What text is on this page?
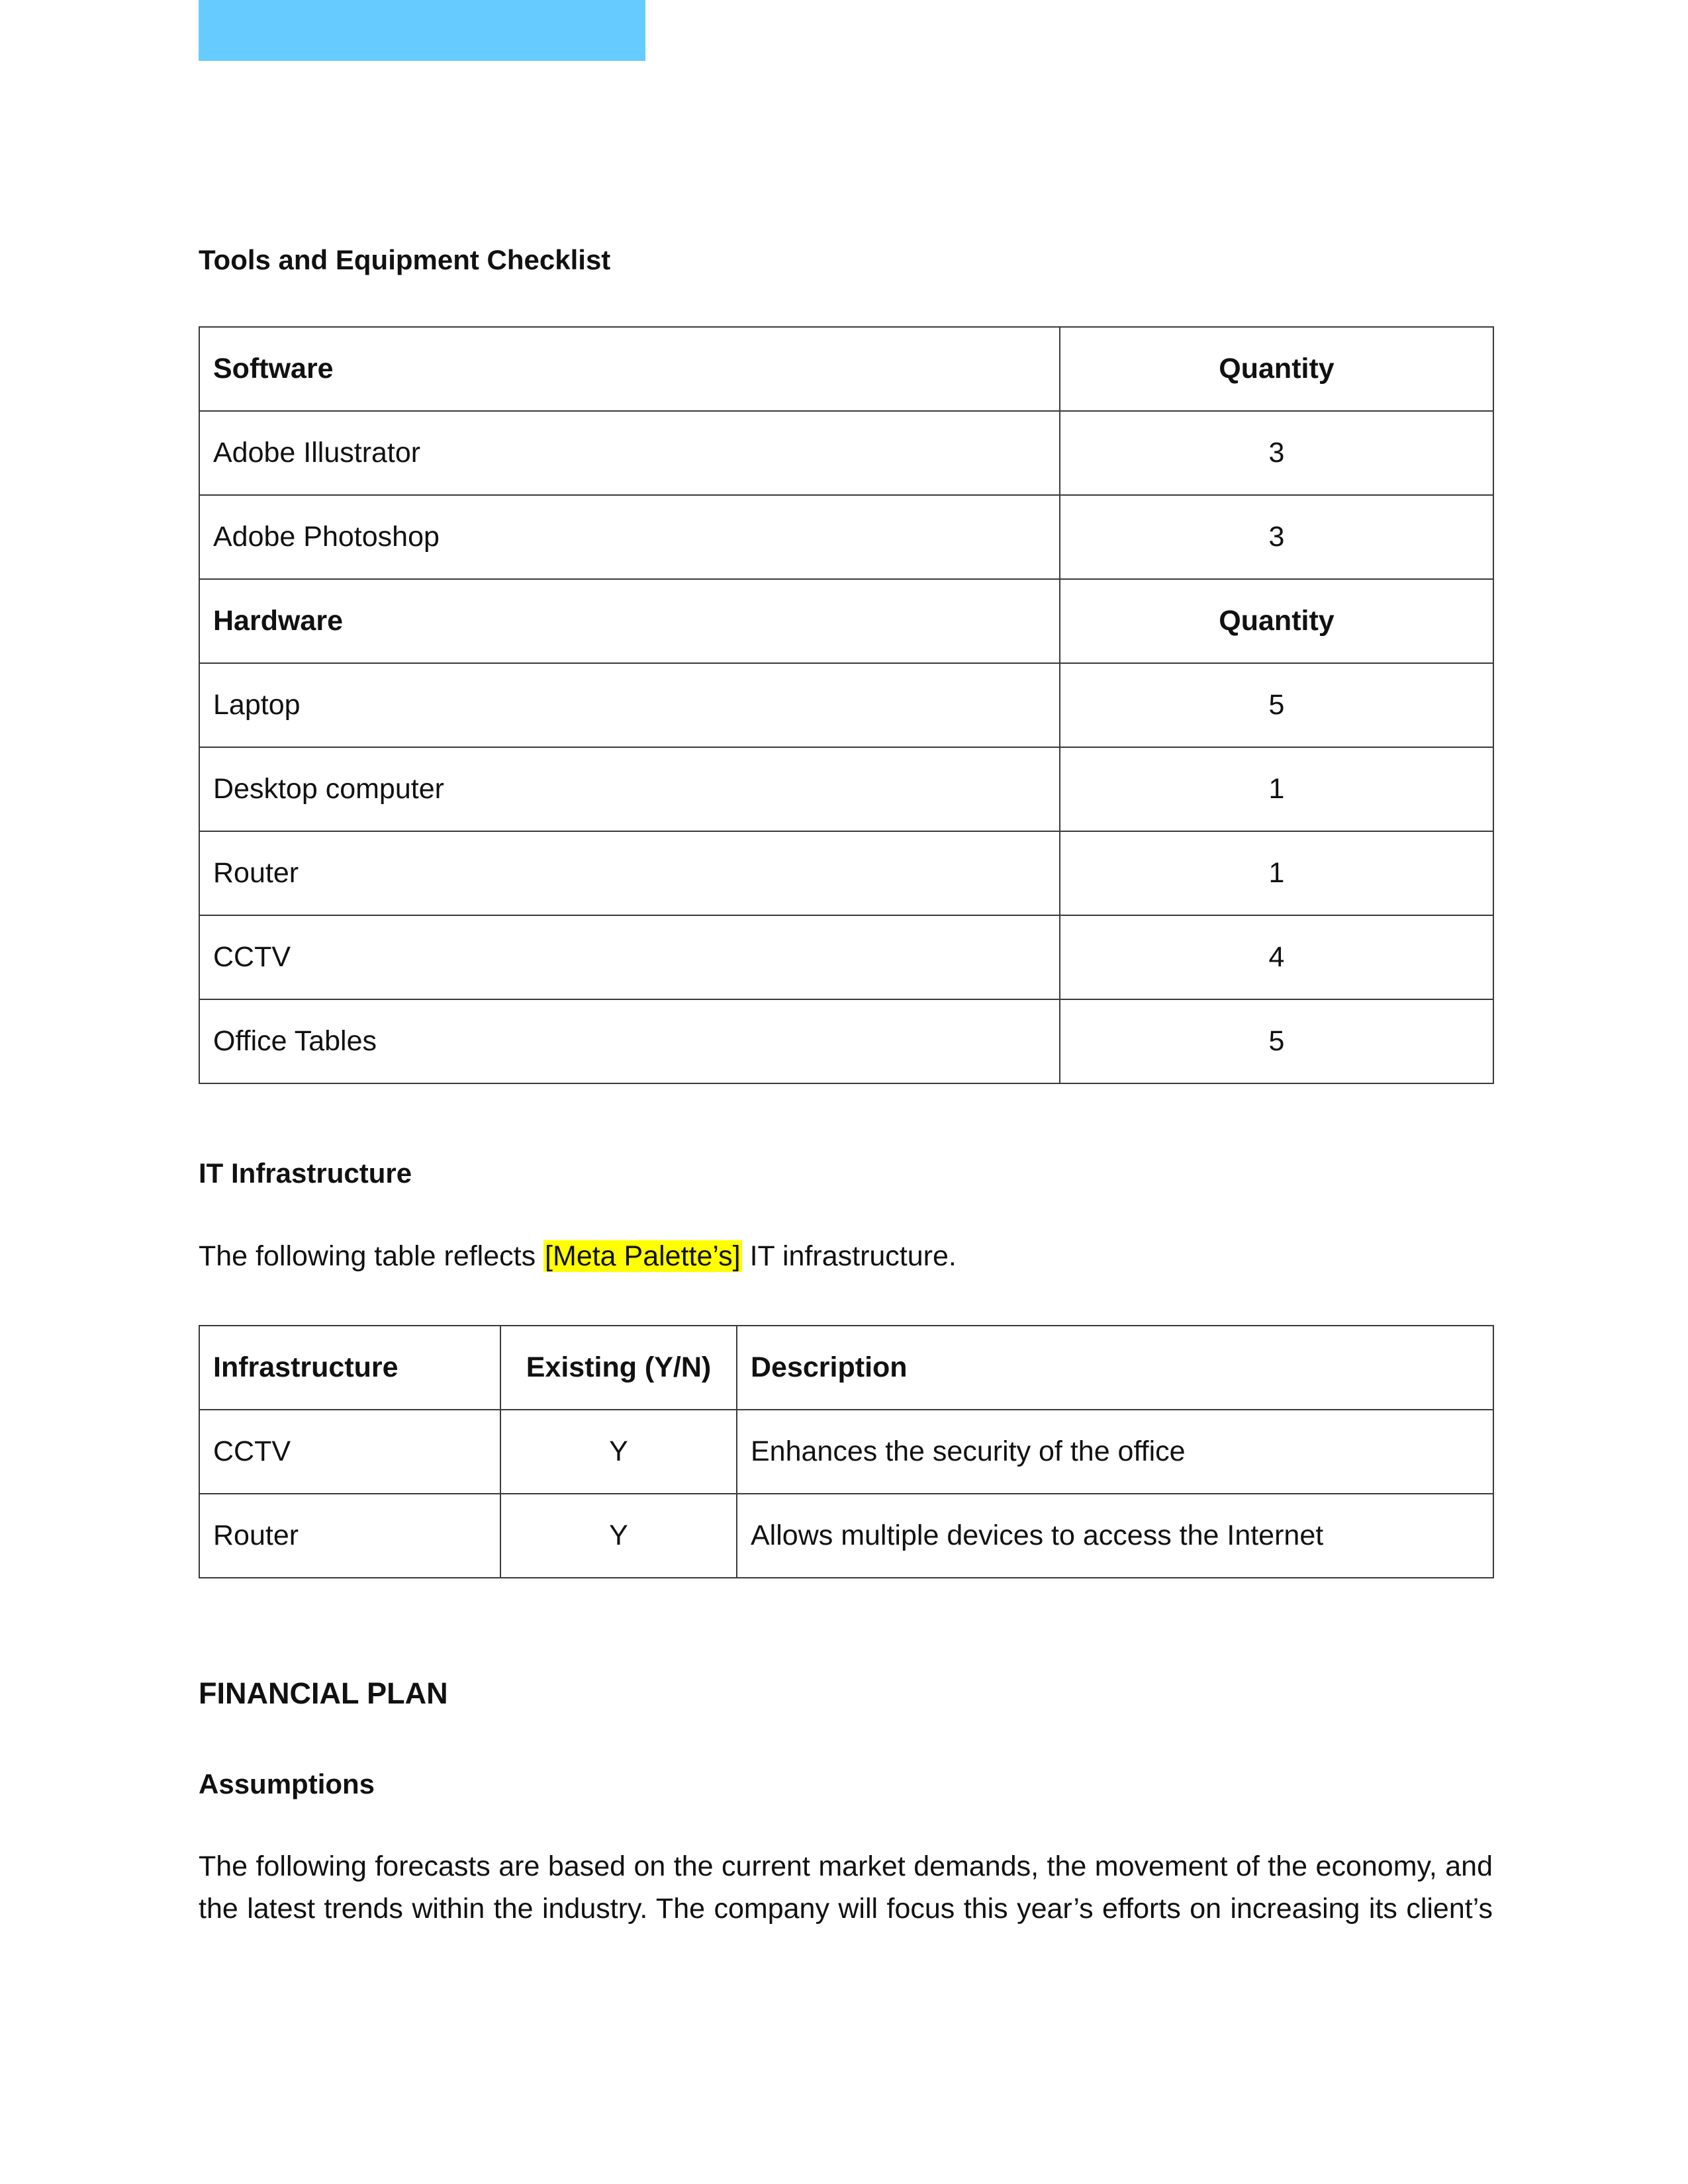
Tools and Equipment Checklist
Software	Quantity
Adobe Illustrator	3
Adobe Photoshop	3
Hardware	Quantity
Laptop	5
Desktop computer	1
Router	1
CCTV	4
Office Tables	5
IT Infrastructure

The following table reflects [Meta Palette’s] IT infrastructure.

Infrastructure	Existing (Y/N)	Description
CCTV	Y	Enhances the security of the office
Router	Y	Allows multiple devices to access the Internet
FINANCIAL PLAN
Assumptions

The following forecasts are based on the current market demands, the movement of the economy, and

the latest trends within the industry. The company will focus this year’s efforts on increasing its client’s
